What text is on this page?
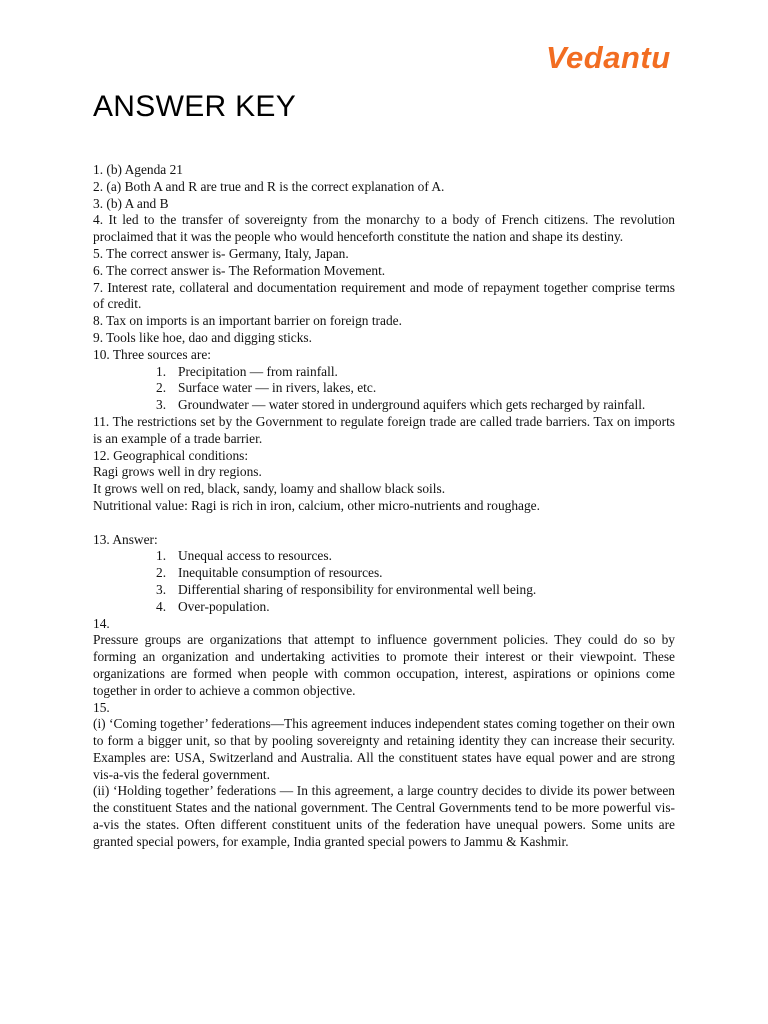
Vedantu
ANSWER KEY

1. (b) Agenda 21

2. (a) Both A and R are true and R is the correct explanation of A.

3. (b) A and B

4. It led to the transfer of sovereignty from the monarchy to a body of French citizens. The revolution proclaimed that it was the people who would henceforth constitute the nation and shape its destiny.

5. The correct answer is- Germany, Italy, Japan.

6. The correct answer is- The Reformation Movement.

7. Interest rate, collateral and documentation requirement and mode of repayment together comprise terms of credit.

8. Tax on imports is an important barrier on foreign trade.

9. Tools like hoe, dao and digging sticks.

10. Three sources are:

1. Precipitation — from rainfall.
2. Surface water — in rivers, lakes, etc.
3. Groundwater — water stored in underground aquifers which gets recharged by rainfall.

11. The restrictions set by the Government to regulate foreign trade are called trade barriers. Tax on imports is an example of a trade barrier.

12. Geographical conditions:

Ragi grows well in dry regions.

It grows well on red, black, sandy, loamy and shallow black soils.

Nutritional value: Ragi is rich in iron, calcium, other micro-nutrients and roughage.

13. Answer:

1. Unequal access to resources.
2. Inequitable consumption of resources.
3. Differential sharing of responsibility for environmental well being.
4. Over-population.

14.

Pressure groups are organizations that attempt to influence government policies. They could do so by forming an organization and undertaking activities to promote their interest or their viewpoint. These organizations are formed when people with common occupation, interest, aspirations or opinions come together in order to achieve a common objective.

15.

(i) ‘Coming together’ federations—This agreement induces independent states coming together on their own to form a bigger unit, so that by pooling sovereignty and retaining identity they can increase their security.

Examples are: USA, Switzerland and Australia. All the constituent states have equal power and are strong vis-a-vis the federal government.

(ii) ‘Holding together’ federations — In this agreement, a large country decides to divide its power between the constituent States and the national government. The Central Governments tend to be more powerful vis-a-vis the states. Often different constituent units of the federation have unequal powers. Some units are granted special powers, for example, India granted special powers to Jammu & Kashmir.
